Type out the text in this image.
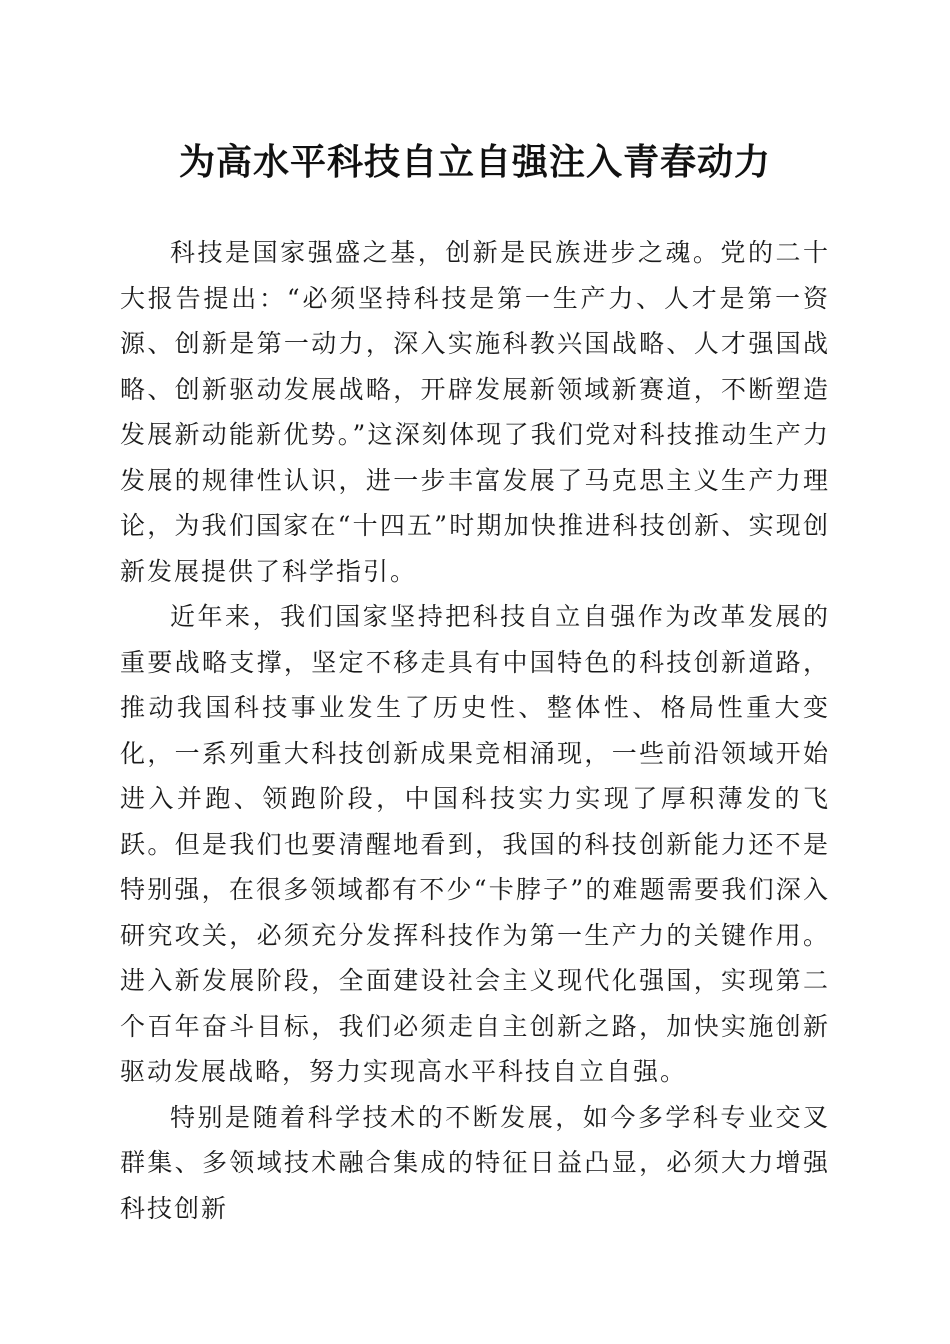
为高水平科技自立自强注入青春动力

科技是国家强盛之基，创新是民族进步之魂。党的二十大报告提出：“必须坚持科技是第一生产力、人才是第一资源、创新是第一动力，深入实施科教兴国战略、人才强国战略、创新驱动发展战略，开辟发展新领域新赛道，不断塑造发展新动能新优势。”这深刻体现了我们党对科技推动生产力发展的规律性认识，进一步丰富发展了马克思主义生产力理论，为我们国家在“十四五”时期加快推进科技创新、实现创新发展提供了科学指引。

近年来，我们国家坚持把科技自立自强作为改革发展的重要战略支撑，坚定不移走具有中国特色的科技创新道路，推动我国科技事业发生了历史性、整体性、格局性重大变化，一系列重大科技创新成果竞相涌现，一些前沿领域开始进入并跑、领跑阶段，中国科技实力实现了厚积薄发的飞跃。但是我们也要清醒地看到，我国的科技创新能力还不是特别强，在很多领域都有不少“卡脖子”的难题需要我们深入研究攻关，必须充分发挥科技作为第一生产力的关键作用。进入新发展阶段，全面建设社会主义现代化强国，实现第二个百年奋斗目标，我们必须走自主创新之路，加快实施创新驱动发展战略，努力实现高水平科技自立自强。

特别是随着科学技术的不断发展，如今多学科专业交叉群集、多领域技术融合集成的特征日益凸显，必须大力增强科技创新
